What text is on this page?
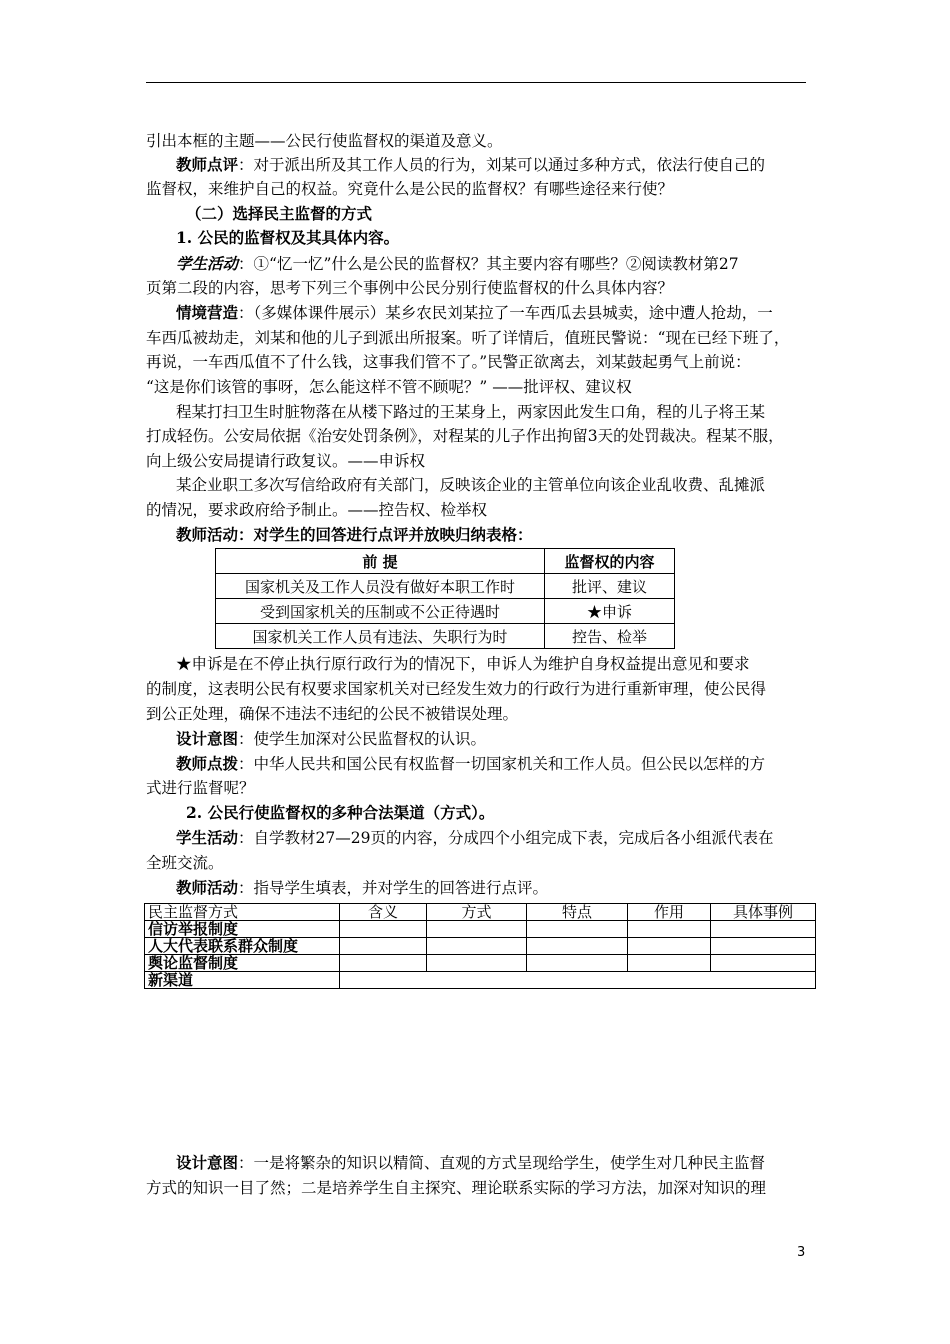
引出本框的主题——公民行使监督权的渠道及意义。
教师点评：对于派出所及其工作人员的行为，刘某可以通过多种方式，依法行使自己的
监督权，来维护自己的权益。究竟什么是公民的监督权？有哪些途径来行使？
（二）选择民主监督的方式
1. 公民的监督权及其具体内容。
学生活动：①“忆一忆”什么是公民的监督权？其主要内容有哪些？②阅读教材第27
页第二段的内容，思考下列三个事例中公民分别行使监督权的什么具体内容？
情境营造：（多媒体课件展示）某乡农民刘某拉了一车西瓜去县城卖，途中遭人抢劫，一
车西瓜被劫走，刘某和他的儿子到派出所报案。听了详情后，值班民警说：“现在已经下班了，
再说，一车西瓜值不了什么钱，这事我们管不了。”民警正欲离去，刘某鼓起勇气上前说：
“这是你们该管的事呀，怎么能这样不管不顾呢？” ——批评权、建议权
程某打扫卫生时脏物落在从楼下路过的王某身上，两家因此发生口角，程的儿子将王某
打成轻伤。公安局依据《治安处罚条例》，对程某的儿子作出拘留3天的处罚裁决。程某不服，
向上级公安局提请行政复议。——申诉权
某企业职工多次写信给政府有关部门，反映该企业的主管单位向该企业乱收费、乱摊派
的情况，要求政府给予制止。——控告权、检举权
教师活动：对学生的回答进行点评并放映归纳表格：
前 提	监督权的内容
国家机关及工作人员没有做好本职工作时	批评、建议
受到国家机关的压制或不公正待遇时	★申诉
国家机关工作人员有违法、失职行为时	控告、检举
★申诉是在不停止执行原行政行为的情况下，申诉人为维护自身权益提出意见和要求
的制度，这表明公民有权要求国家机关对已经发生效力的行政行为进行重新审理，使公民得
到公正处理，确保不违法不违纪的公民不被错误处理。
设计意图：使学生加深对公民监督权的认识。
教师点拨：中华人民共和国公民有权监督一切国家机关和工作人员。但公民以怎样的方
式进行监督呢？
2. 公民行使监督权的多种合法渠道（方式）。
学生活动：自学教材27—29页的内容，分成四个小组完成下表，完成后各小组派代表在
全班交流。
教师活动：指导学生填表，并对学生的回答进行点评。
民主监督方式	含义	方式	特点	作用	具体事例
信访举报制度					
人大代表联系群众制度					
舆论监督制度					
新渠道					
设计意图：一是将繁杂的知识以精简、直观的方式呈现给学生，使学生对几种民主监督
方式的知识一目了然；二是培养学生自主探究、理论联系实际的学习方法，加深对知识的理
3
